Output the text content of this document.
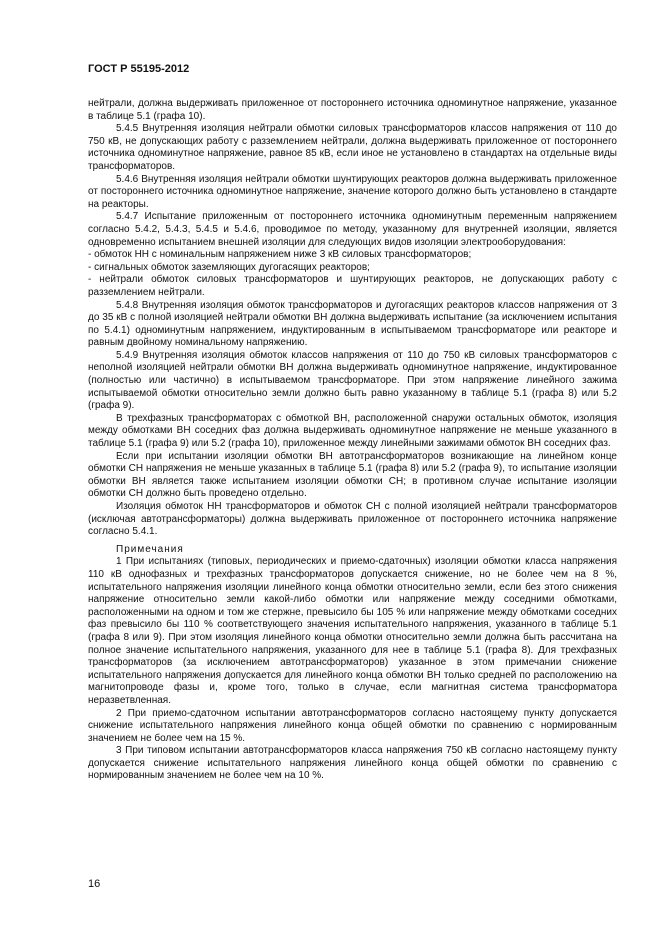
ГОСТ Р 55195-2012

нейтрали, должна выдерживать приложенное от постороннего источника одноминутное напряжение, указанное в таблице 5.1 (графа 10).

5.4.5 Внутренняя изоляция нейтрали обмотки силовых трансформаторов классов напряжения от 110 до 750 кВ, не допускающих работу с разземлением нейтрали, должна выдерживать приложенное от постороннего источника одноминутное напряжение, равное 85 кВ, если иное не установлено в стандартах на отдельные виды трансформаторов.

5.4.6 Внутренняя изоляция нейтрали обмотки шунтирующих реакторов должна выдерживать приложенное от постороннего источника одноминутное напряжение, значение которого должно быть установлено в стандарте на реакторы.

5.4.7 Испытание приложенным от постороннего источника одноминутным переменным напряжением согласно 5.4.2, 5.4.3, 5.4.5 и 5.4.6, проводимое по методу, указанному для внутренней изоляции, является одновременно испытанием внешней изоляции для следующих видов изоляции электрооборудования:

- обмоток НН с номинальным напряжением ниже 3 кВ силовых трансформаторов;

- сигнальных обмоток заземляющих дугогасящих реакторов;

- нейтрали обмоток силовых трансформаторов и шунтирующих реакторов, не допускающих работу с разземлением нейтрали.

5.4.8 Внутренняя изоляция обмоток трансформаторов и дугогасящих реакторов классов напряжения от 3 до 35 кВ с полной изоляцией нейтрали обмотки ВН должна выдерживать испытание (за исключением испытания по 5.4.1) одноминутным напряжением, индуктированным в испытываемом трансформаторе или реакторе и равным двойному номинальному напряжению.

5.4.9 Внутренняя изоляция обмоток классов напряжения от 110 до 750 кВ силовых трансформаторов с неполной изоляцией нейтрали обмотки ВН должна выдерживать одноминутное напряжение, индуктированное (полностью или частично) в испытываемом трансформаторе. При этом напряжение линейного зажима испытываемой обмотки относительно земли должно быть равно указанному в таблице 5.1 (графа 8) или 5.2 (графа 9).

В трехфазных трансформаторах с обмоткой ВН, расположенной снаружи остальных обмоток, изоляция между обмотками ВН соседних фаз должна выдерживать одноминутное напряжение не меньше указанного в таблице 5.1 (графа 9) или 5.2 (графа 10), приложенное между линейными зажимами обмоток ВН соседних фаз.

Если при испытании изоляции обмотки ВН автотрансформаторов возникающие на линейном конце обмотки СН напряжения не меньше указанных в таблице 5.1 (графа 8) или 5.2 (графа 9), то испытание изоляции обмотки ВН является также испытанием изоляции обмотки СН; в противном случае испытание изоляции обмотки СН должно быть проведено отдельно.

Изоляция обмоток НН трансформаторов и обмоток СН с полной изоляцией нейтрали трансформаторов (исключая автотрансформаторы) должна выдерживать приложенное от постороннего источника напряжение согласно 5.4.1.

Примечания

1 При испытаниях (типовых, периодических и приемо-сдаточных) изоляции обмотки класса напряжения 110 кВ однофазных и трехфазных трансформаторов допускается снижение, но не более чем на 8 %, испытательного напряжения изоляции линейного конца обмотки относительно земли, если без этого снижения напряжение относительно земли какой-либо обмотки или напряжение между соседними обмотками, расположенными на одном и том же стержне, превысило бы 105 % или напряжение между обмотками соседних фаз превысило бы 110 % соответствующего значения испытательного напряжения, указанного в таблице 5.1 (графа 8 или 9). При этом изоляция линейного конца обмотки относительно земли должна быть рассчитана на полное значение испытательного напряжения, указанного для нее в таблице 5.1 (графа 8). Для трехфазных трансформаторов (за исключением автотрансформаторов) указанное в этом примечании снижение испытательного напряжения допускается для линейного конца обмотки ВН только средней по расположению на магнитопроводе фазы и, кроме того, только в случае, если магнитная система трансформатора неразветвленная.

2 При приемо-сдаточном испытании автотрансформаторов согласно настоящему пункту допускается снижение испытательного напряжения линейного конца общей обмотки по сравнению с нормированным значением не более чем на 15 %.

3 При типовом испытании автотрансформаторов класса напряжения 750 кВ согласно настоящему пункту допускается снижение испытательного напряжения линейного конца общей обмотки по сравнению с нормированным значением не более чем на 10 %.

16
